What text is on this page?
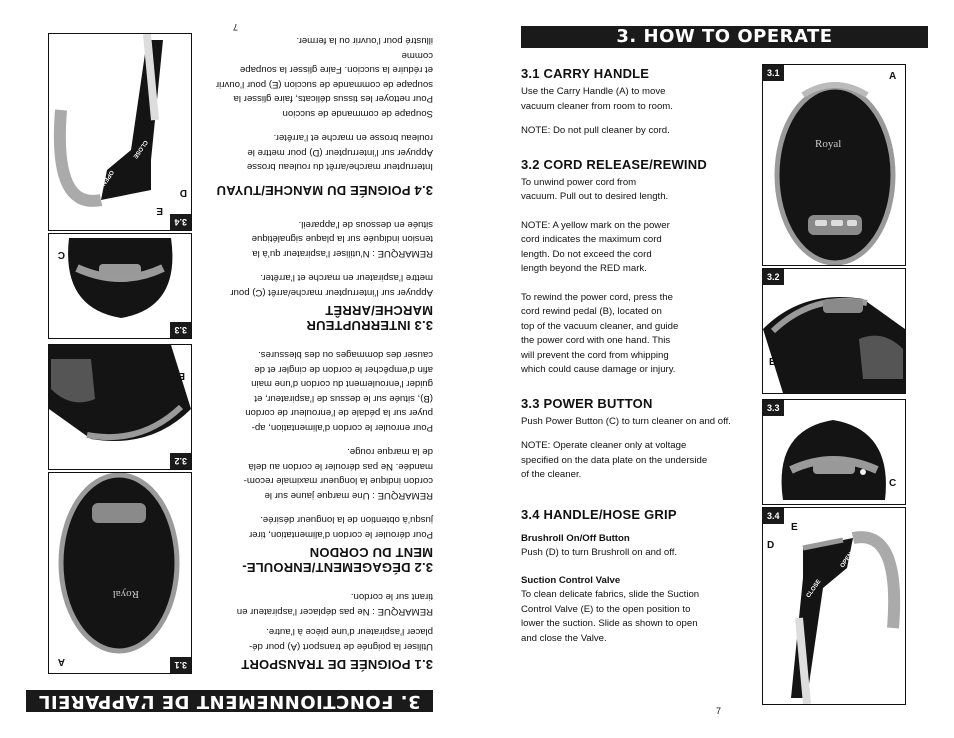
3. HOW TO OPERATE
3.1 CARRY HANDLE

Use the Carry Handle (A) to move
vacuum cleaner from room to room.

NOTE: Do not pull cleaner by cord.

3.2 CORD RELEASE/REWIND

To unwind power cord from
vacuum. Pull out to desired length.

NOTE: A yellow mark on the power
cord indicates the maximum cord
length. Do not exceed the cord
length beyond the RED mark.

To rewind the power cord, press the
cord rewind pedal (B), located on
top of the vacuum cleaner, and guide
the power cord with one hand. This
will prevent the cord from whipping
which could cause damage or injury.

3.3 POWER BUTTON

Push Power Button (C) to turn cleaner on and off.

NOTE: Operate cleaner only at voltage
specified on the data plate on the underside
of the cleaner.

3.4 HANDLE/HOSE GRIP
Brushroll On/Off Button

Push (D) to turn Brushroll on and off.

Suction Control Valve

To clean delicate fabrics, slide the Suction
Control Valve (E) to the open position to
lower the suction. Slide as shown to open
and close the Valve.

Royal
3.1	A
3.2
B
3.3
C
CLOSE
OPEN
3.4
E
D
7
3. FONCTIONNEMENT DE L’APPAREIL
3.1 POIGNÉE DE TRANSPORT

Utiliser la poignée de transport (A) pour dé-
placer l’aspirateur d’une pièce à l’autre.

REMARQUE : Ne pas déplacer l’aspirateur en
tirant sur le cordon.

3.2 DÉGAGEMENT/ENROULE-
MENT DU CORDON

Pour dérouler le cordon d’alimentation, tirer
jusqu’à obtention de la longueur désirée.

REMARQUE : Une marque jaune sur le
cordon indique la longueur maximale recom-
mandée. Ne pas dérouler le cordon au delà
de la marque rouge.

Pour enrouler le cordon d’alimentation, ap-
puyer sur la pédale de l’enrouleur de cordon
(B), située sur le dessus de l’aspirateur, et
guider l’enroulement du cordon d’une main
afin d’empêcher le cordon de cingler et de
causer des dommages ou des blessures.

3.3 INTERRUPTEUR MARCHE/ARRÊT

Appuyer sur l’interrupteur marche/arrêt (C) pour
mettre l’aspirateur en marche et l’arrêter.

REMARQUE : N’utiliser l’aspirateur qu’à la
tension indiquée sur la plaque signalétique
située en dessous de l’appareil.

3.4 POIGNÉE DU MANCHE/TUYAU

Interrupteur marche/arrêt du rouleau brosse

Appuyer sur l’interrupteur (D) pour mettre le
rouleau brosse en marche et l’arrêter.

Soupape de commande de succion

Pour nettoyer les tissus délicats, faire glisser la
soupape de commande de succion (E) pour l’ouvrir
et réduire la succion. Faire glisser la soupape comme
illustré pour l’ouvrir ou la fermer.

Royal
3.1
A
3.2
B
3.3
C
CLOSE
OPEN
3.4
E
D
7
